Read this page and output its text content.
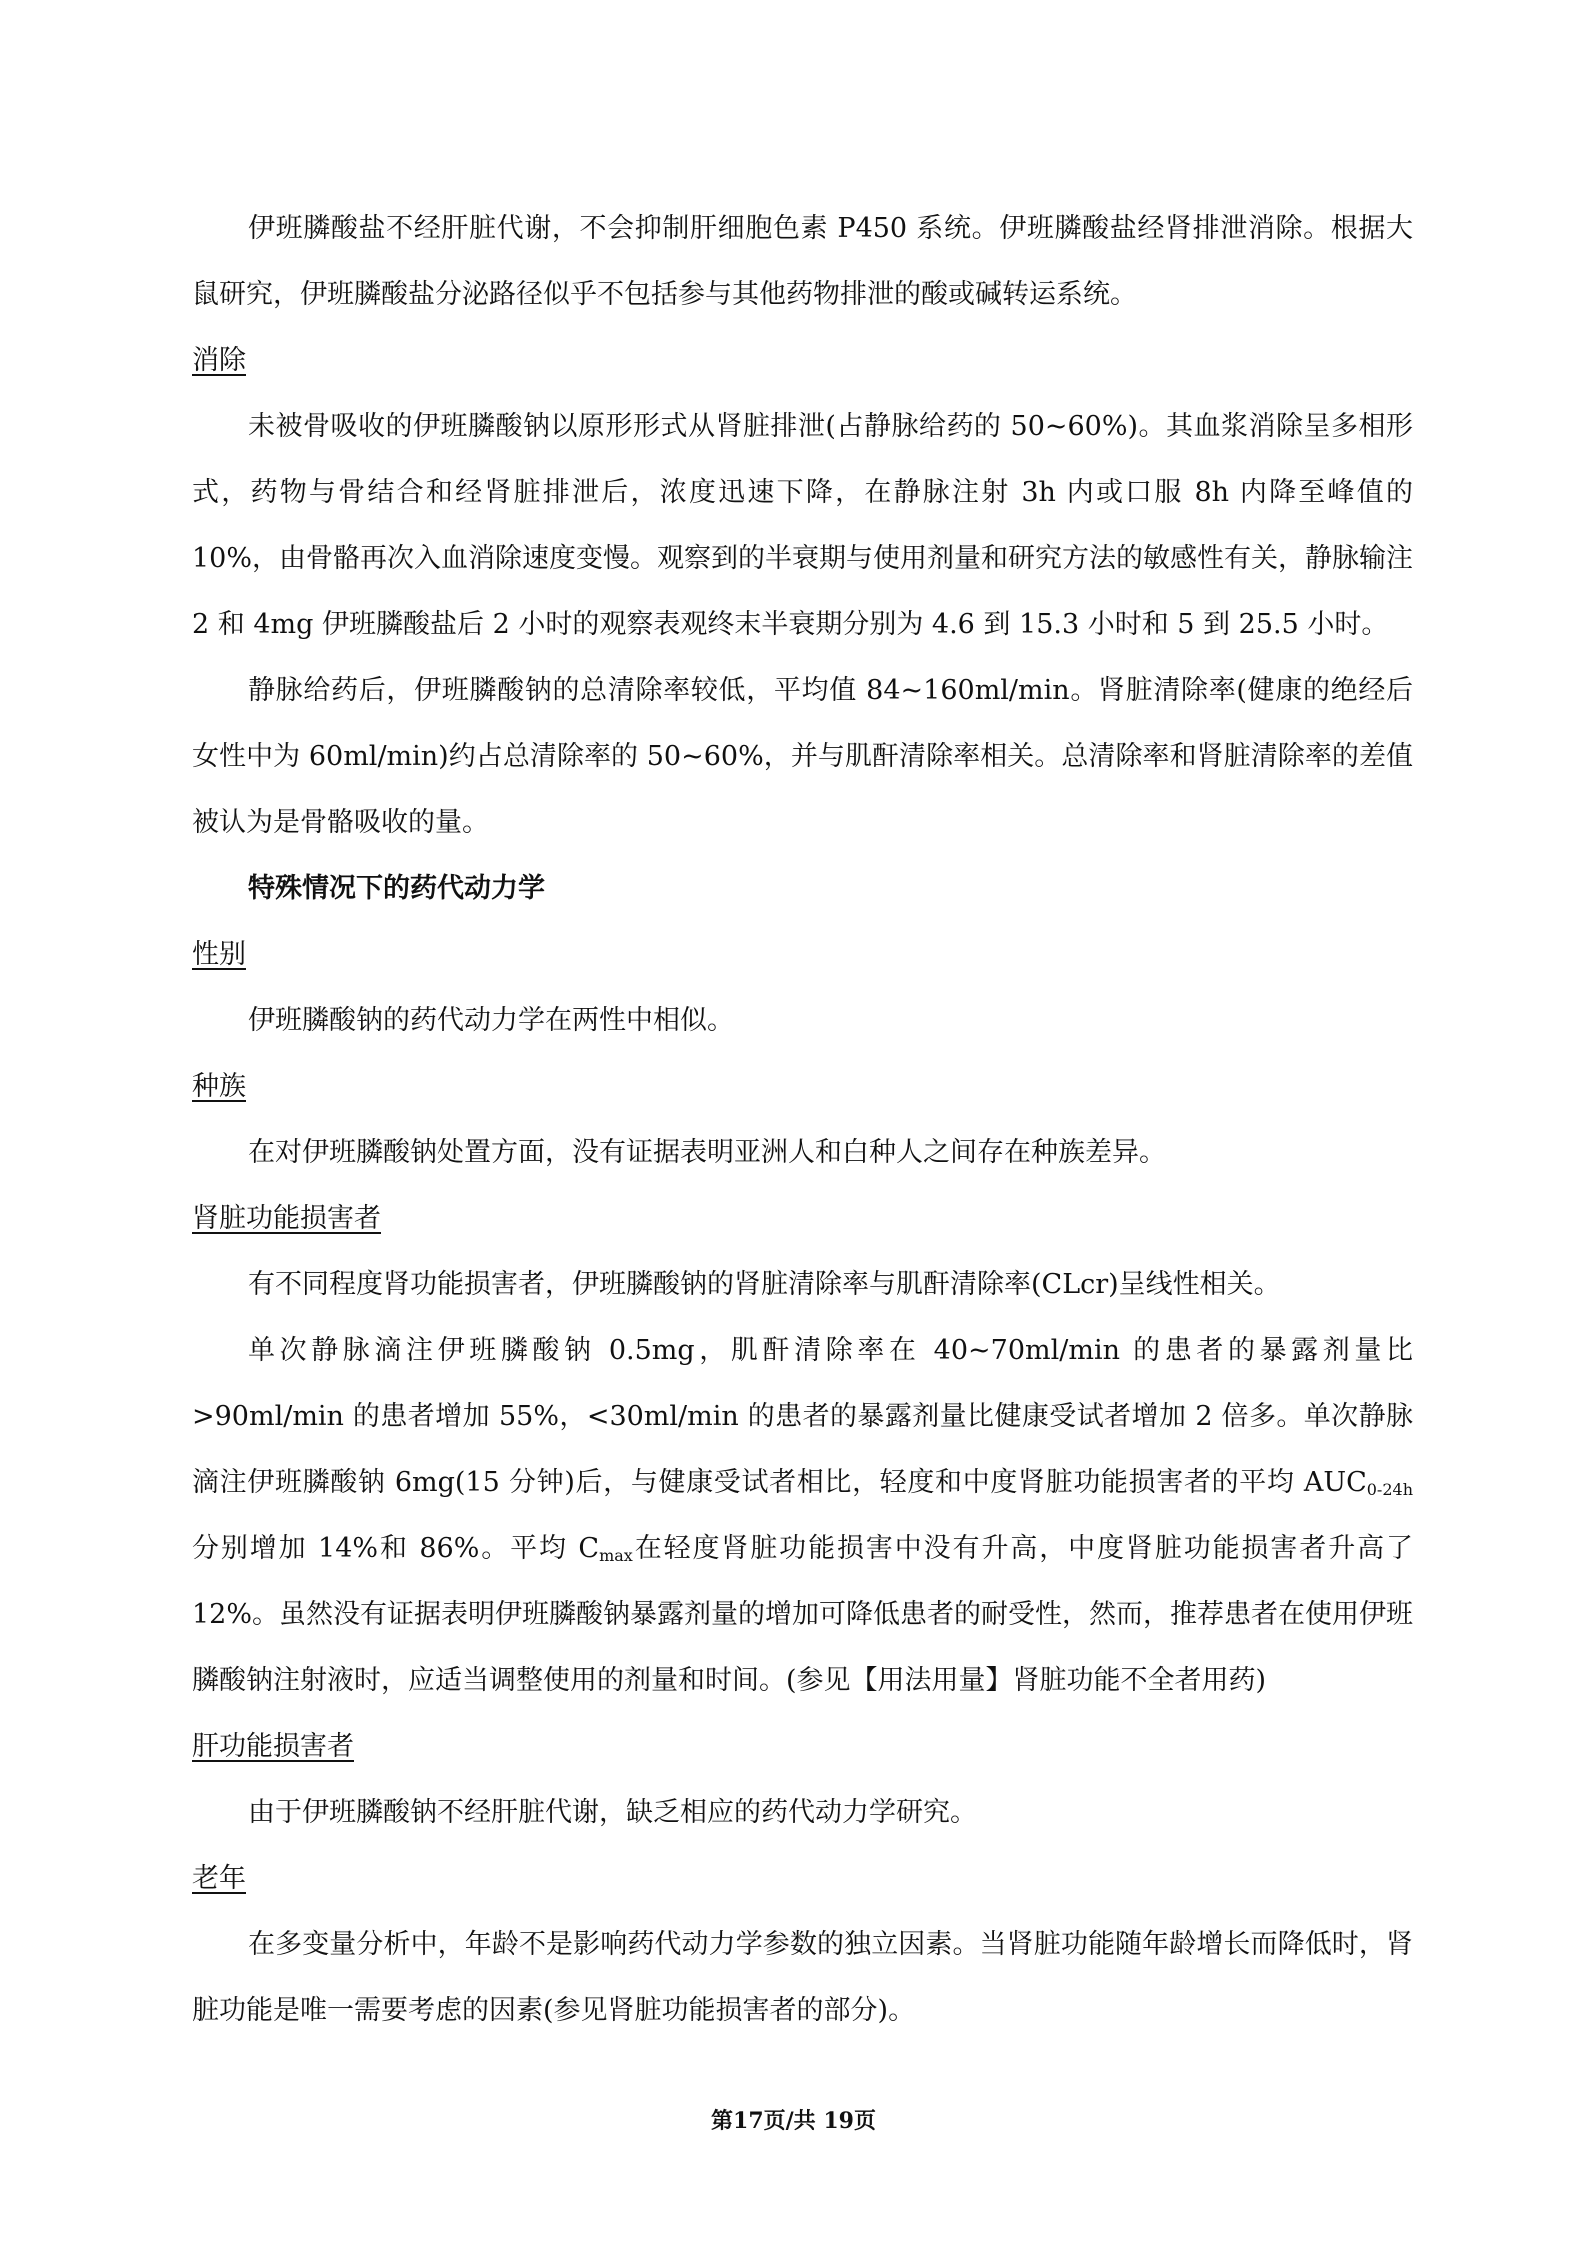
伊班膦酸盐不经肝脏代谢，不会抑制肝细胞色素 P450 系统。伊班膦酸盐经肾排泄消除。根据大鼠研究，伊班膦酸盐分泌路径似乎不包括参与其他药物排泄的酸或碱转运系统。

消除

未被骨吸收的伊班膦酸钠以原形形式从肾脏排泄(占静脉给药的 50~60%)。其血浆消除呈多相形式，药物与骨结合和经肾脏排泄后，浓度迅速下降，在静脉注射 3h 内或口服 8h 内降至峰值的 10%，由骨骼再次入血消除速度变慢。观察到的半衰期与使用剂量和研究方法的敏感性有关，静脉输注 2 和 4mg 伊班膦酸盐后 2 小时的观察表观终末半衰期分别为 4.6 到 15.3 小时和 5 到 25.5 小时。

静脉给药后，伊班膦酸钠的总清除率较低，平均值 84~160ml/min。肾脏清除率(健康的绝经后女性中为 60ml/min)约占总清除率的 50~60%，并与肌酐清除率相关。总清除率和肾脏清除率的差值被认为是骨骼吸收的量。

特殊情况下的药代动力学

性别

伊班膦酸钠的药代动力学在两性中相似。

种族

在对伊班膦酸钠处置方面，没有证据表明亚洲人和白种人之间存在种族差异。

肾脏功能损害者

有不同程度肾功能损害者，伊班膦酸钠的肾脏清除率与肌酐清除率(CLcr)呈线性相关。

单次静脉滴注伊班膦酸钠 0.5mg，肌酐清除率在 40~70ml/min 的患者的暴露剂量比>90ml/min 的患者增加 55%，<30ml/min 的患者的暴露剂量比健康受试者增加 2 倍多。单次静脉滴注伊班膦酸钠 6mg(15 分钟)后，与健康受试者相比，轻度和中度肾脏功能损害者的平均 $AUC_{0-24h}$分别增加 14%和 86%。平均 $C_{max}$在轻度肾脏功能损害中没有升高，中度肾脏功能损害者升高了 12%。虽然没有证据表明伊班膦酸钠暴露剂量的增加可降低患者的耐受性，然而，推荐患者在使用伊班膦酸钠注射液时，应适当调整使用的剂量和时间。(参见【用法用量】肾脏功能不全者用药)

肝功能损害者

由于伊班膦酸钠不经肝脏代谢，缺乏相应的药代动力学研究。

老年

在多变量分析中，年龄不是影响药代动力学参数的独立因素。当肾脏功能随年龄增长而降低时，肾脏功能是唯一需要考虑的因素(参见肾脏功能损害者的部分)。

第17页/共 19页
